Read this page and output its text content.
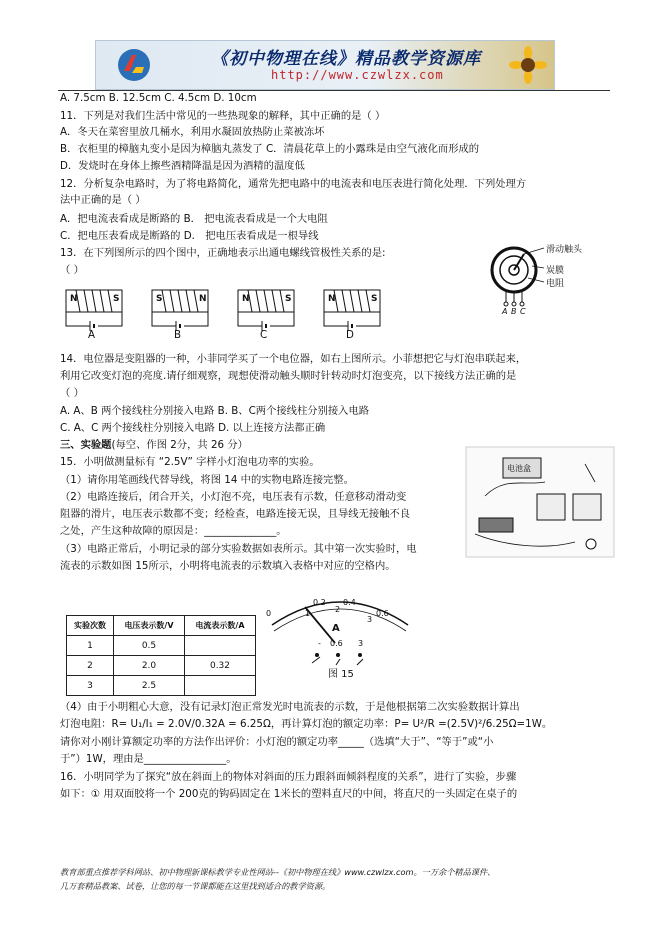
《初中物理在线》精品教学资源库
http://www.czwlzx.com
A. 7.5cm B. 12.5cm C. 4.5cm D. 10cm
11．下列是对我们生活中常见的一些热现象的解释，其中正确的是（ ）
A．冬天在菜窖里放几桶水，利用水凝固放热防止菜被冻坏
B．衣柜里的樟脑丸变小是因为樟脑丸蒸发了 C．清晨花草上的小露珠是由空气液化而形成的
D．发烧时在身体上擦些酒精降温是因为酒精的温度低
12．分析复杂电路时，为了将电路简化，通常先把电路中的电流表和电压表进行简化处理．下列处理方
法中正确的是（ ）
A．把电流表看成是断路的 B． 把电流表看成是一个大电阻
C．把电压表看成是断路的 D． 把电压表看成是一根导线
13．在下列图所示的四个图中，正确地表示出通电螺线管极性关系的是:
（ ）
滑动触头
炭膜
电阻
A B C
N	S	S	N	N	S	N	S
A	B	C	D
14．电位器是变阻器的一种，小菲同学买了一个电位器，如右上图所示。小菲想把它与灯泡串联起来，
利用它改变灯泡的亮度.请仔细观察，现想使滑动触头顺时针转动时灯泡变亮，以下接线方法正确的是
（ ）
A. A、B 两个接线柱分别接入电路 B. B、C两个接线柱分别接入电路
C. A、C 两个接线柱分别接入电路 D. 以上连接方法都正确
三、实验题(每空、作图 2分，共 26 分）
15．小明做测量标有 “2.5V” 字样小灯泡电功率的实验。
（1）请你用笔画线代替导线，将图 14 中的实物电路连接完整。
（2）电路连接后，闭合开关，小灯泡不亮，电压表有示数，任意移动滑动变
阻器的滑片，电压表示数都不变；经检查，电路连接无误，且导线无接触不良
之处，产生这种故障的原因是：______________。
（3）电路正常后，小明记录的部分实验数据如表所示。其中第一次实验时，电
流表的示数如图 15所示，小明将电流表的示数填入表格中对应的空格内。
电池盒
0
0.2 0.4
0.6
1	2
3
A
- 0.6 3
图 15
实验次数	电压表示数/V	电流表示数/A
1	0.5	
2	2.0	0.32
3	2.5	
（4）由于小明粗心大意，没有记录灯泡正常发光时电流表的示数，于是他根据第二次实验数据计算出
灯泡电阻：R= U₁/I₁ = 2.0V/0.32A = 6.25Ω，再计算灯泡的额定功率：P= U²/R =(2.5V)²/6.25Ω=1W。
请你对小刚计算额定功率的方法作出评价：小灯泡的额定功率_____（选填“大于”、“等于”或“小
于”）1W，理由是________________。
16．小明同学为了探究“放在斜面上的物体对斜面的压力跟斜面倾斜程度的关系”，进行了实验，步骤
如下：① 用双面胶将一个 200克的钩码固定在 1米长的塑料直尺的中间，将直尺的一头固定在桌子的
教育部重点推荐学科网站、初中物理新课标教学专业性网站--《初中物理在线》www.czwlzx.com。一万余个精品课件、
几万套精品教案、试卷，让您的每一节课都能在这里找到适合的教学资源。
